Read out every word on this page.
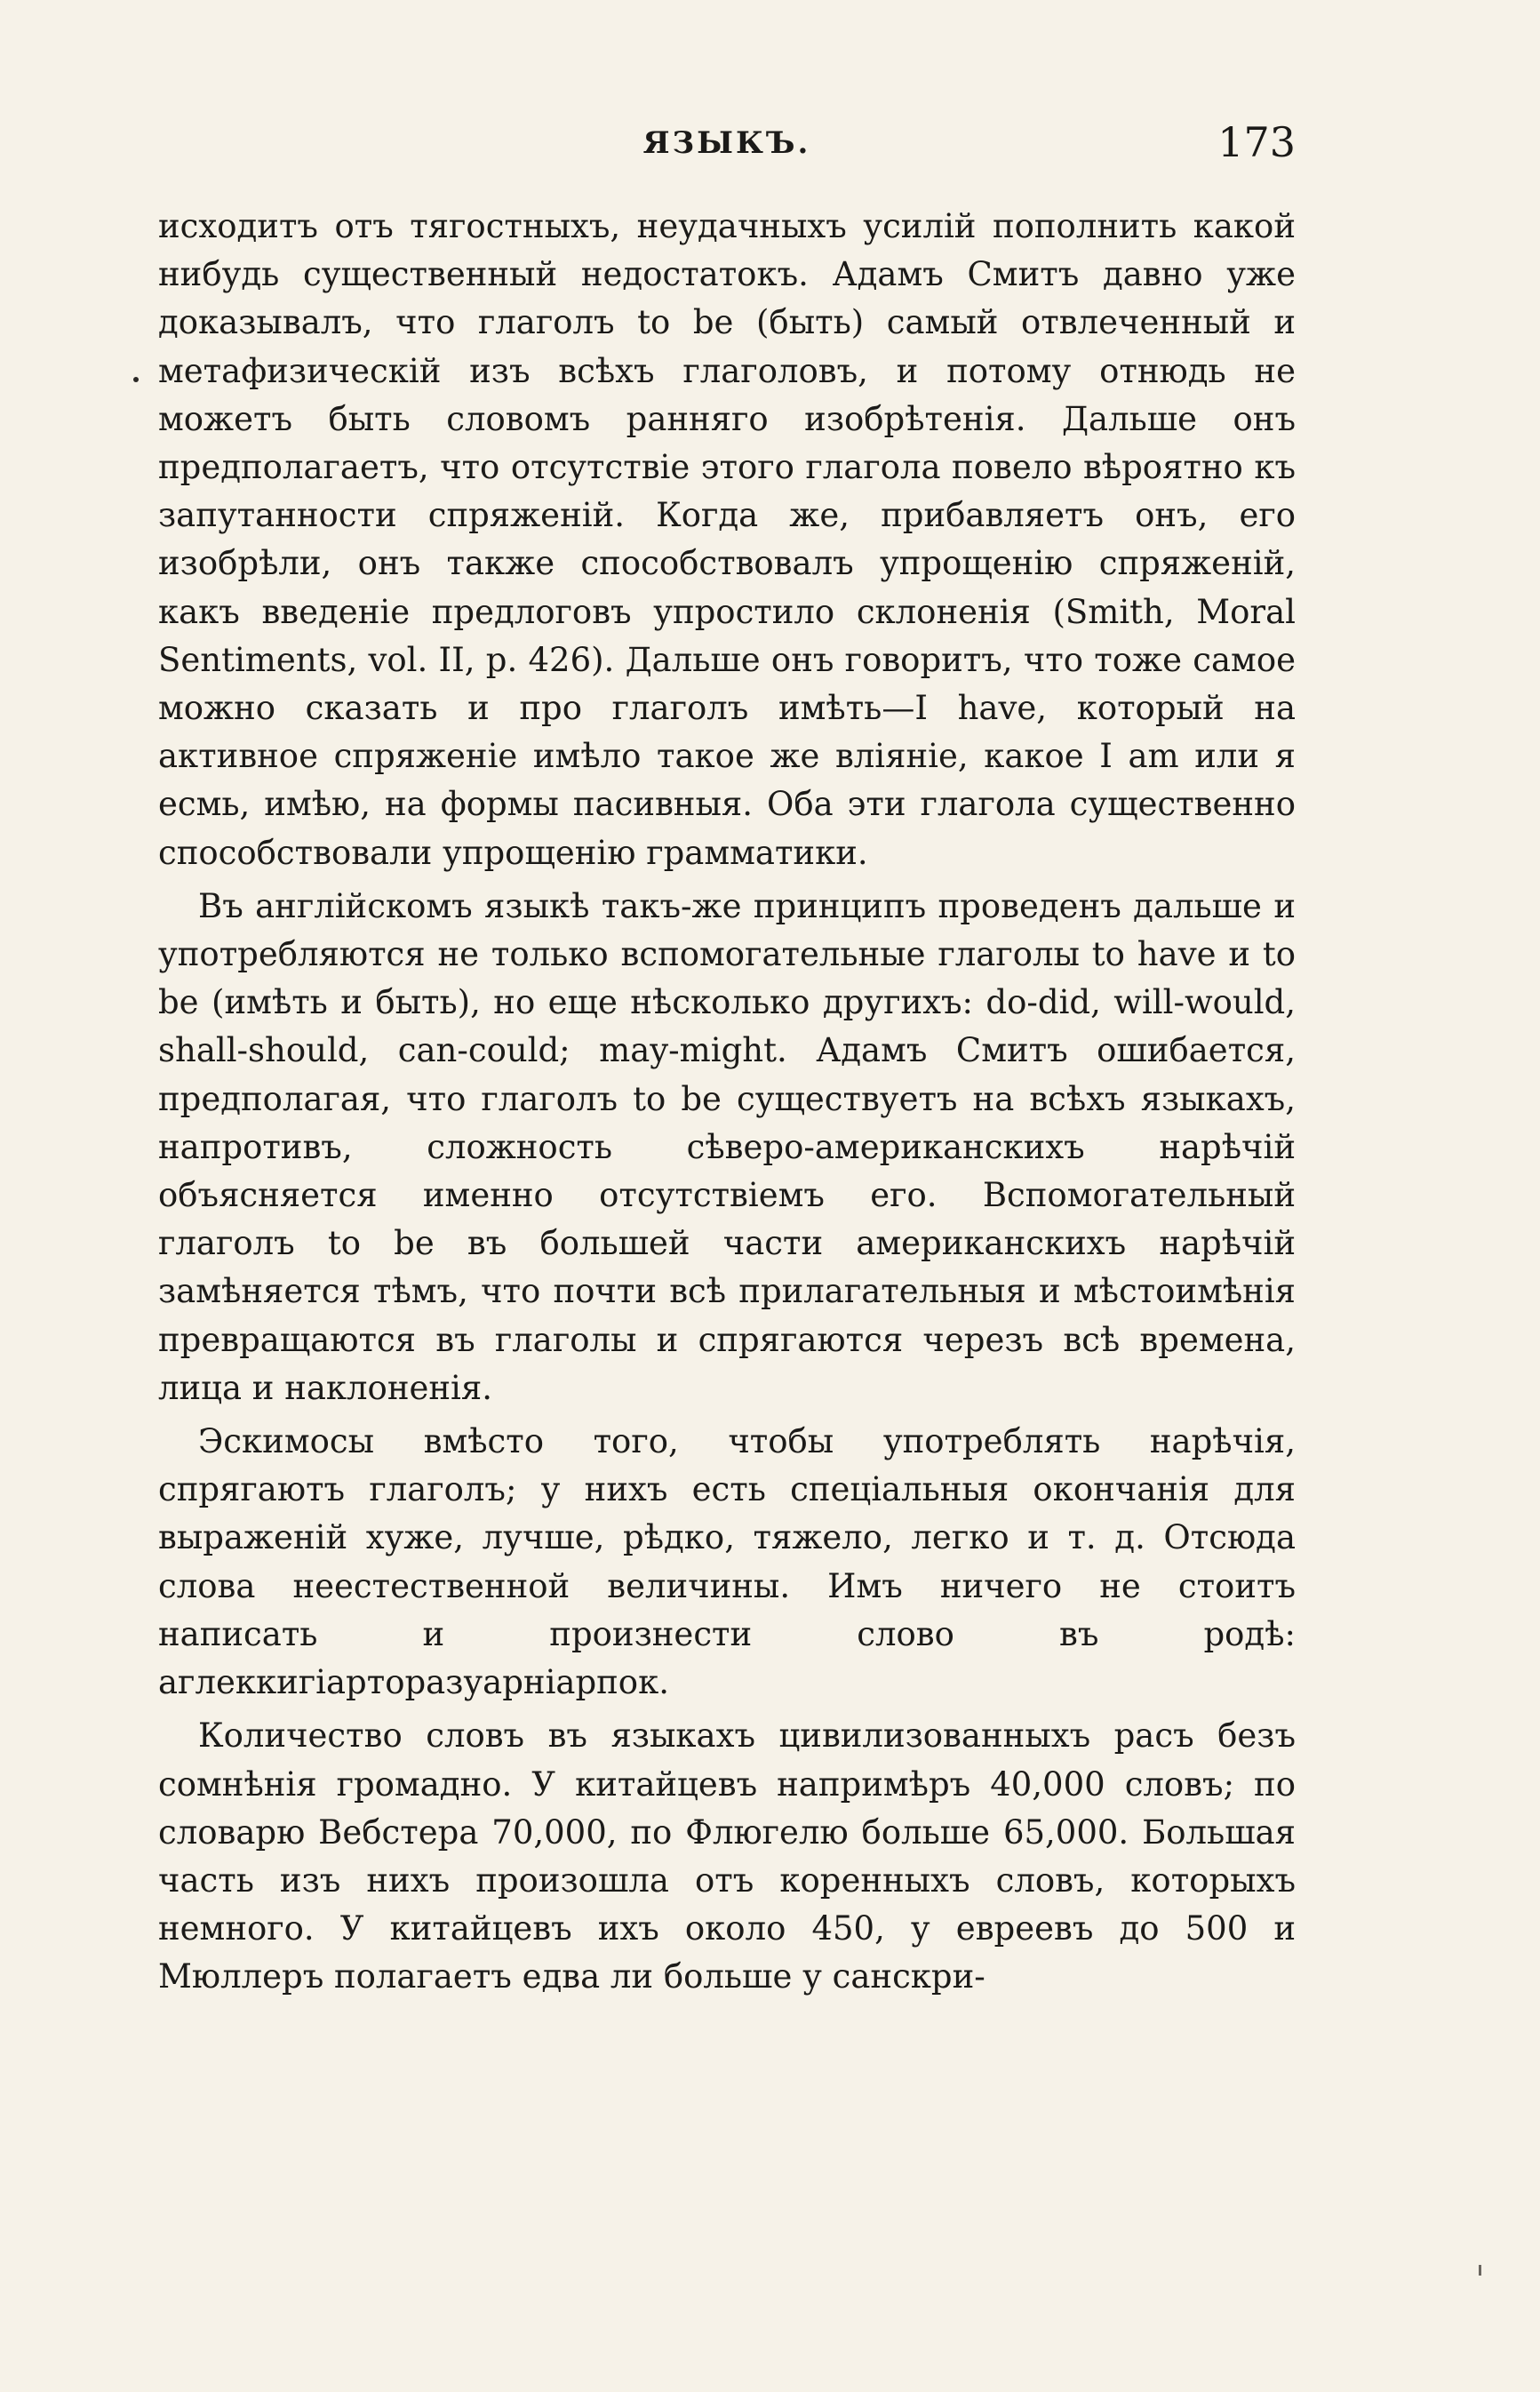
ЯЗЫКЪ.	173

исходитъ отъ тягостныхъ, неудачныхъ усилій пополнить какой нибудь существенный недостатокъ. Адамъ Смитъ давно уже доказывалъ, что глаголъ to be (быть) самый отвлеченный и метафизическій изъ всѣхъ глаголовъ, и потому отнюдь не можетъ быть словомъ ранняго изобрѣтенія. Дальше онъ предполагаетъ, что отсутствіе этого глагола повело вѣроятно къ запутанности спряженій. Когда же, прибавляетъ онъ, его изобрѣли, онъ также способствовалъ упрощенію спряженій, какъ введеніе предлоговъ упростило склоненія (Smith, Moral Sentiments, vol. II, p. 426). Дальше онъ говоритъ, что тоже самое можно сказать и про глаголъ имѣть—I have, который на активное спряженіе имѣло такое же вліяніе, какое I am или я есмь, имѣю, на формы пасивныя. Оба эти глагола существенно способствовали упрощенію грамматики.

Въ англійскомъ языкѣ такъ-же принципъ проведенъ дальше и употребляются не только вспомогательные глаголы to have и to be (имѣть и быть), но еще нѣсколько другихъ: do-did, will-would, shall-should, can-could; may-might. Адамъ Смитъ ошибается, предполагая, что глаголъ to be существуетъ на всѣхъ языкахъ, напротивъ, сложность сѣверо-американскихъ нарѣчій объясняется именно отсутствіемъ его. Вспомогательный глаголъ to be въ большей части американскихъ нарѣчій замѣняется тѣмъ, что почти всѣ прилагательныя и мѣстоимѣнія превращаются въ глаголы и спрягаются черезъ всѣ времена, лица и наклоненія.

Эскимосы вмѣсто того, чтобы употреблять нарѣчія, спрягаютъ глаголъ; у нихъ есть спеціальныя окончанія для выраженій хуже, лучше, рѣдко, тяжело, легко и т. д. Отсюда слова неестественной величины. Имъ ничего не стоитъ написать и произнести слово въ родѣ: аглеккигіарторазуарніарпок.

Количество словъ въ языкахъ цивилизованныхъ расъ безъ сомнѣнія громадно. У китайцевъ напримѣръ 40,000 словъ; по словарю Вебстера 70,000, по Флюгелю больше 65,000. Большая часть изъ нихъ произошла отъ коренныхъ словъ, которыхъ немного. У китайцевъ ихъ около 450, у евреевъ до 500 и Мюллеръ полагаетъ едва ли больше у санскри-
